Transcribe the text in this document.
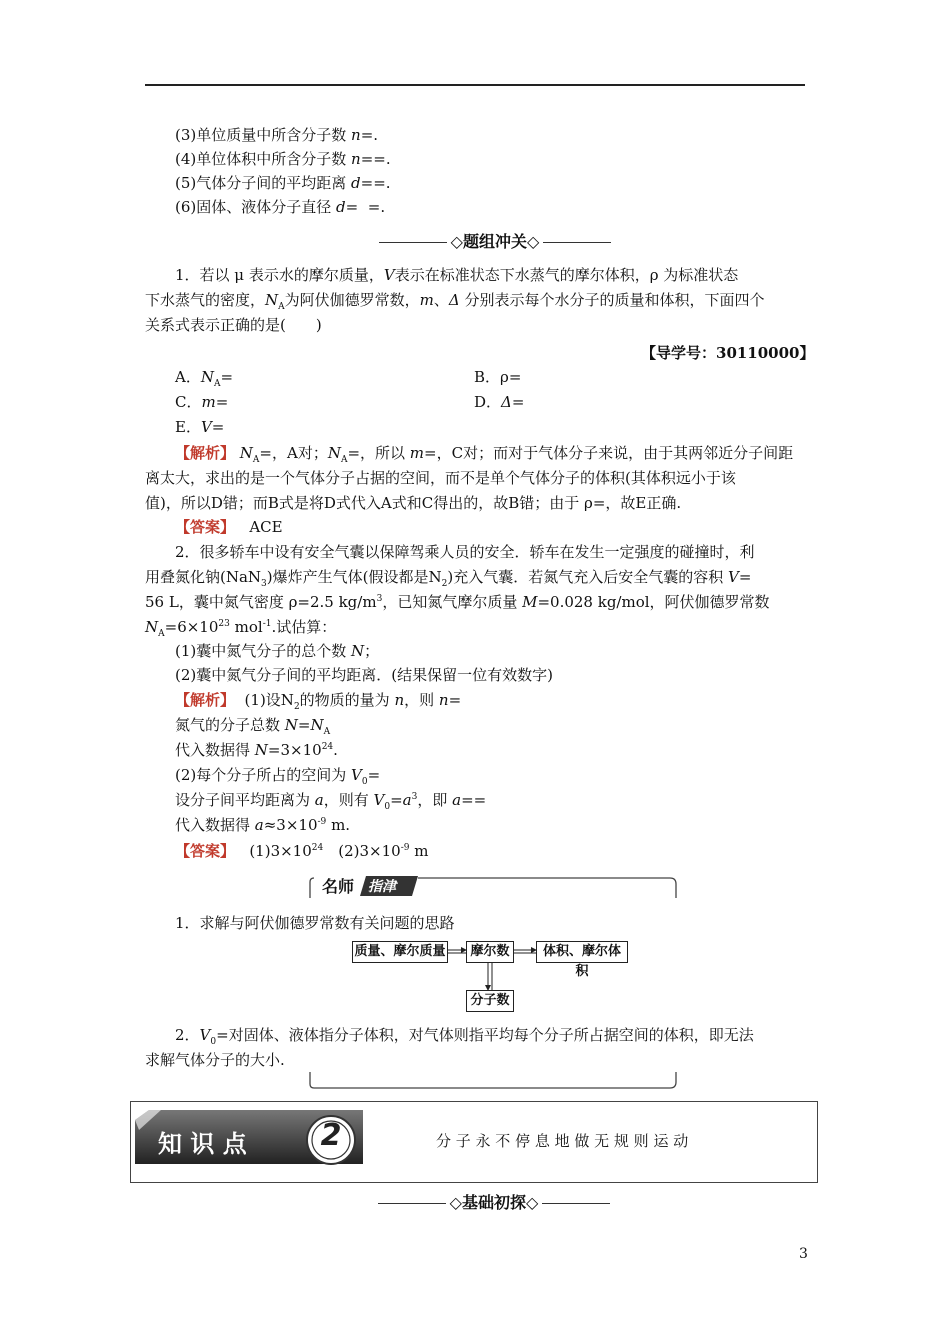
(3)单位质量中所含分子数 n=.
(4)单位体积中所含分子数 n==.
(5)气体分子间的平均距离 d==.
(6)固体、液体分子直径 d=  =.
◇题组冲关◇
1．若以 μ 表示水的摩尔质量，V表示在标准状态下水蒸气的摩尔体积，ρ 为标准状态
下水蒸气的密度，$N_A$为阿伏伽德罗常数，m、Δ 分别表示每个水分子的质量和体积，下面四个
关系式表示正确的是(　　)
【导学号：30110000】
A．$N_A=$	B．ρ=
C．m=	D．Δ=
E．V=
【解析】 $N_A=$，A对；$N_A=$，所以 m=，C对；而对于气体分子来说，由于其两邻近分子间距
离太大，求出的是一个气体分子占据的空间，而不是单个气体分子的体积(其体积远小于该
值)，所以D错；而B式是将D式代入A式和C得出的，故B错；由于 ρ=，故E正确.
【答案】 ACE
2．很多轿车中设有安全气囊以保障驾乘人员的安全．轿车在发生一定强度的碰撞时，利
用叠氮化钠(NaN$_3$)爆炸产生气体(假设都是$N_2$)充入气囊．若氮气充入后安全气囊的容积 V=
56 L，囊中氮气密度 ρ=2.5 $kg/m^3$，已知氮气摩尔质量 M=0.028 kg/mol，阿伏伽德罗常数
$N_A=6\times 10^{23}$ mol$^{-1}$.试估算：
(1)囊中氮气分子的总个数 N；
(2)囊中氮气分子间的平均距离．(结果保留一位有效数字)
【解析】  (1)设$N_2$的物质的量为 n，则 n=
氮气的分子总数 $N=N_A$
代入数据得 $N=3\times 10^{24}$.
(2)每个分子所占的空间为 $V_0=$
设分子间平均距离为 a，则有 $V_0=a^3$，即 a==
代入数据得 $a\approx 3\times 10^{-9}$ m.
【答案】   $(1)3\times 10^{24}$　$(2)3\times 10^{-9}$ m
名师 指津
1．求解与阿伏伽德罗常数有关问题的思路
质量、摩尔质量	摩尔数	体积、摩尔体积
分子数
2．$V_0=$对固体、液体指分子体积，对气体则指平均每个分子所占据空间的体积，即无法
求解气体分子的大小.
知 识 点 2	分 子 永 不 停 息 地 做 无 规 则 运 动
◇基础初探◇
3
